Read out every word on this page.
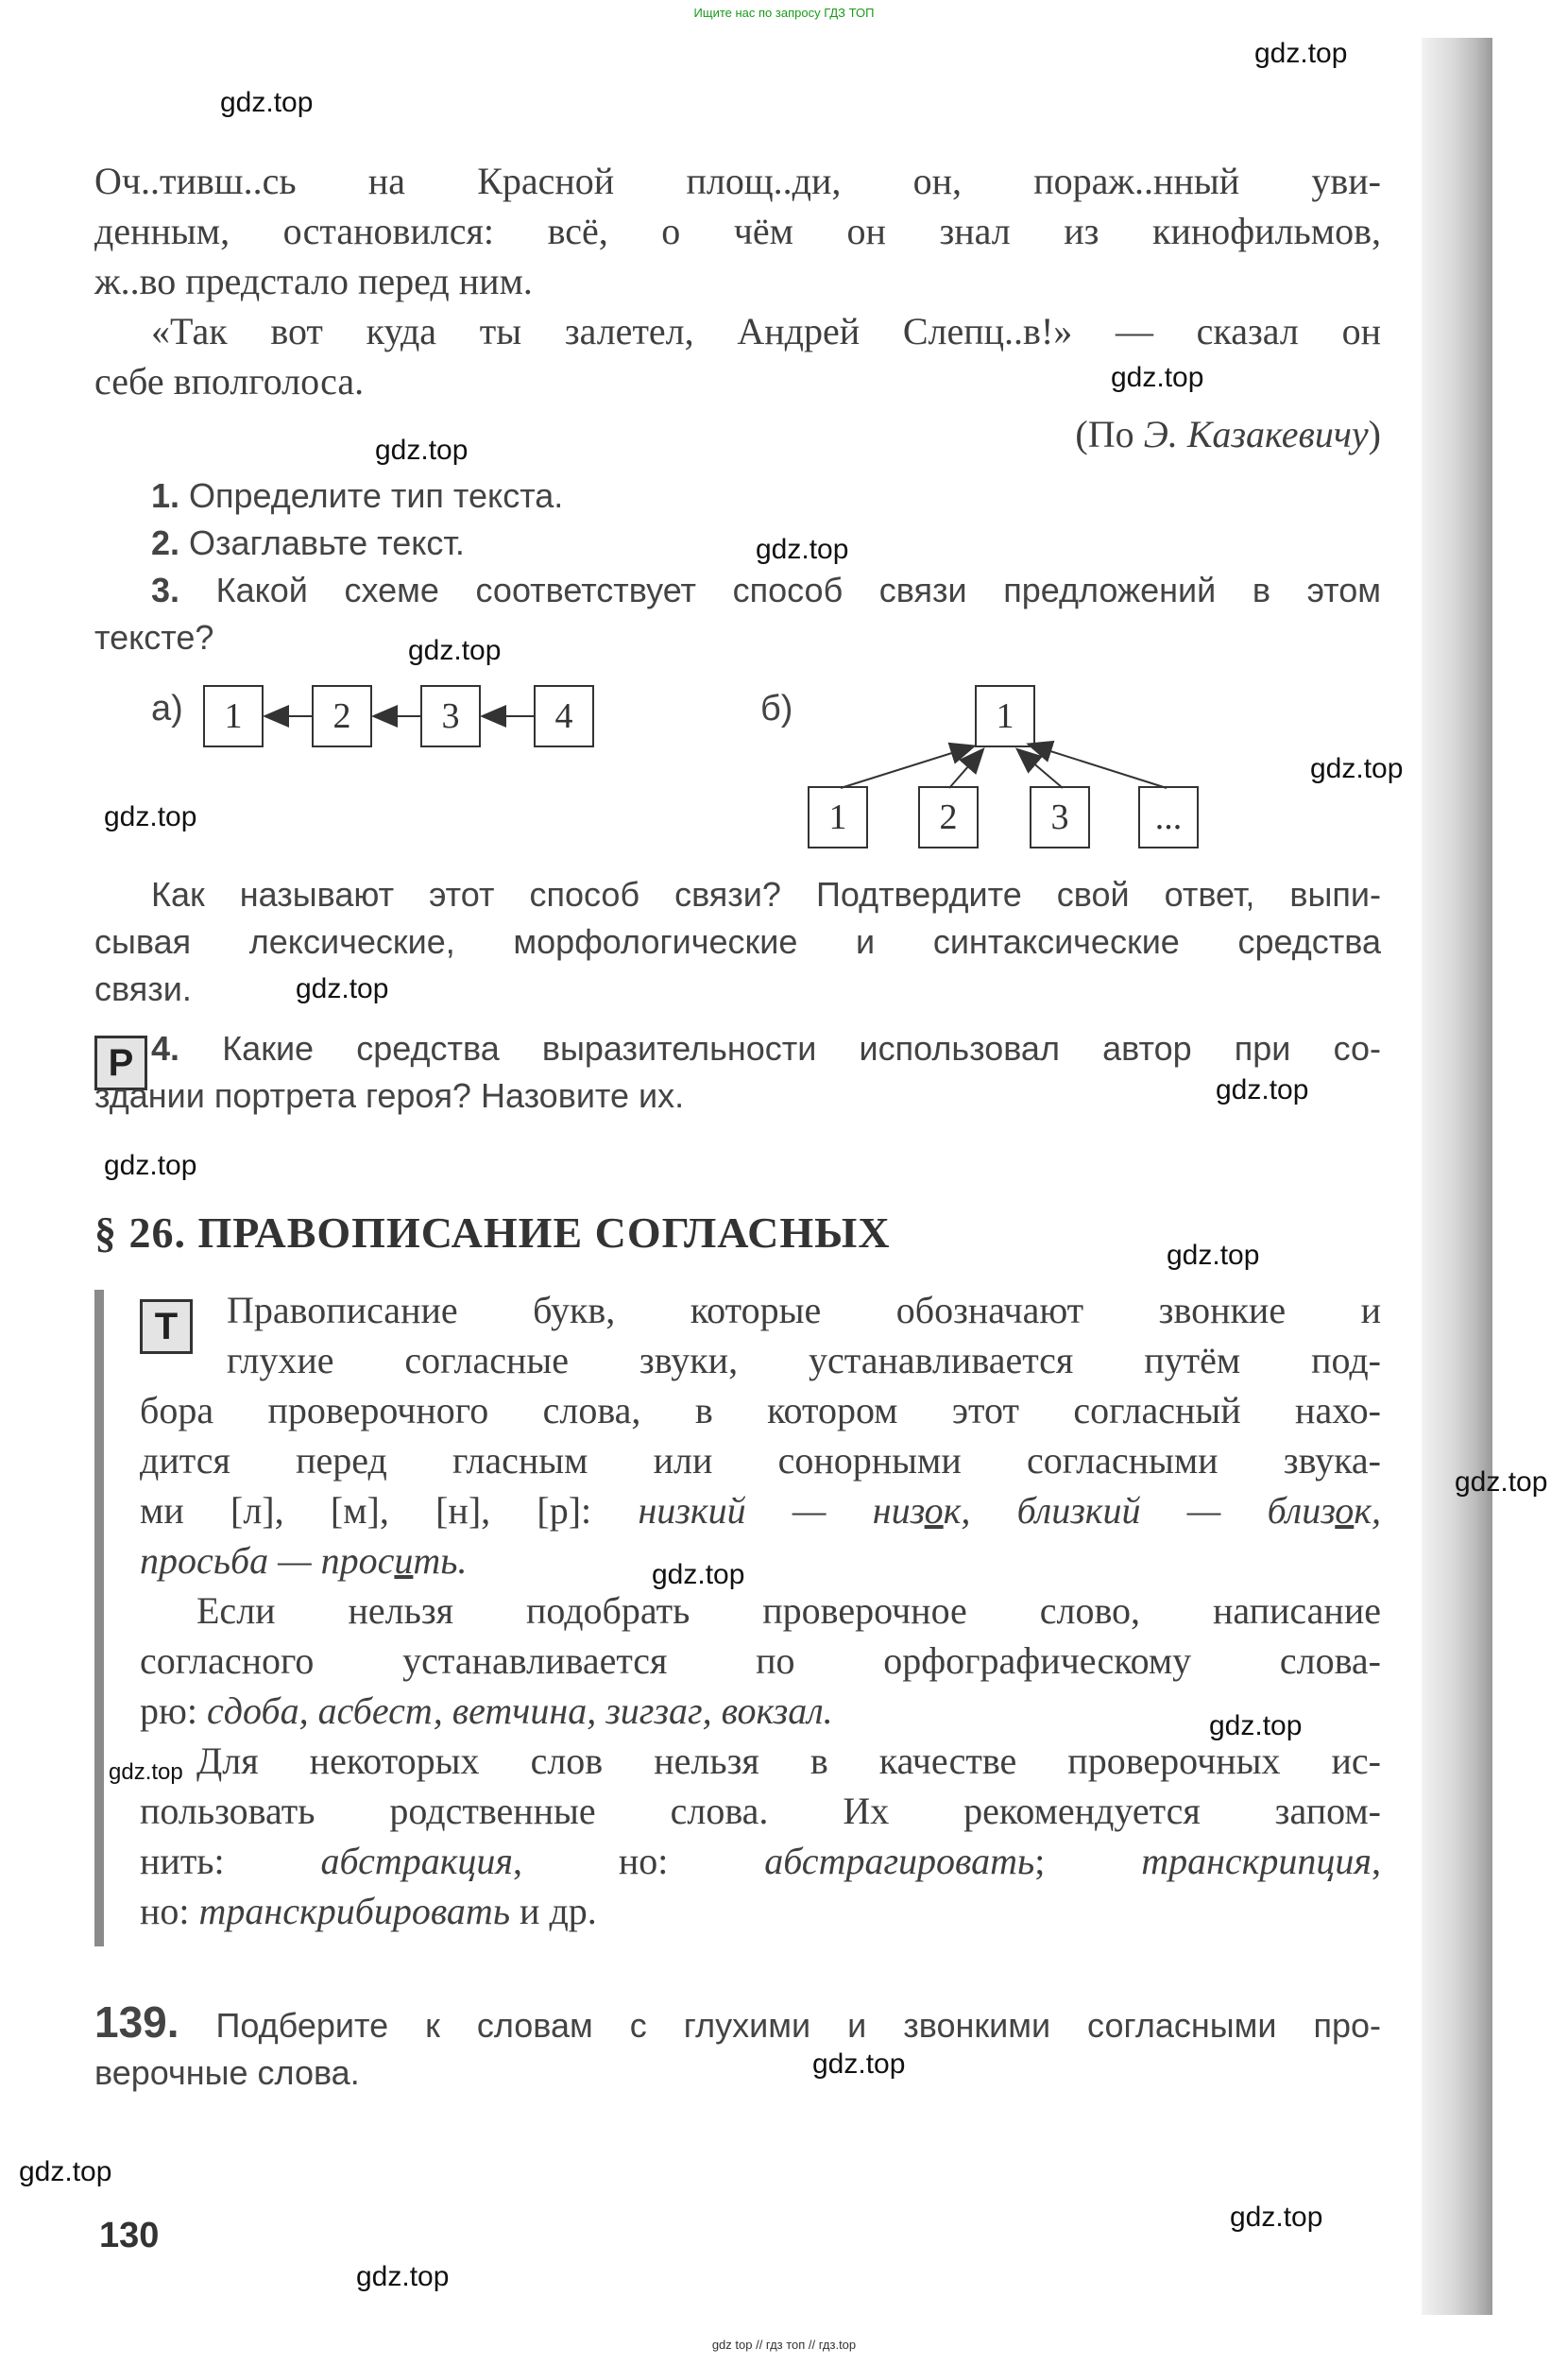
Ищите нас по запросу ГДЗ ТОП
Оч..тивш..сь на Красной площ..ди, он, пораж..нный уви-
денным, остановился: всё, о чём он знал из кинофильмов,
ж..во предстало перед ним.
«Так вот куда ты залетел, Андрей Слепц..в!» — сказал он
себе вполголоса.
(По Э. Казакевичу)
1. Определите тип текста.
2. Озаглавьте текст.
3. Какой схеме соответствует способ связи предложений в этом
тексте?
а)	1	2	3	4	б)	1
1	2	3	...
Как называют этот способ связи? Подтвердите свой ответ, выпи-
сывая лексические, морфологические и синтаксические средства
связи.
Р 4. Какие средства выразительности использовал автор при со-
здании портрета героя? Назовите их.
§ 26. ПРАВОПИСАНИЕ СОГЛАСНЫХ
Т	Правописание букв, которые обозначают звонкие и
глухие согласные звуки, устанавливается путём под-
бора проверочного слова, в котором этот согласный нахо-
дится перед гласным или сонорными согласными звука-
ми [л], [м], [н], [р]: низкий — низок, близкий — близок,
просьба — просить.
Если нельзя подобрать проверочное слово, написание
согласного устанавливается по орфографическому слова-
рю: сдоба, асбест, ветчина, зигзаг, вокзал.
Для некоторых слов нельзя в качестве проверочных ис-
пользовать родственные слова. Их рекомендуется запом-
нить: абстракция, но: абстрагировать; транскрипция,
но: транскрибировать и др.
139. Подберите к словам с глухими и звонкими согласными про-
верочные слова.
130
gdz.top
gdz.top
gdz.top
gdz.top
gdz.top
gdz.top
gdz.top
gdz.top
gdz.top
gdz.top
gdz.top
gdz.top
gdz.top
gdz.top
gdz.top
gdz.top
gdz.top
gdz.top
gdz.top
gdz.top
gdz top // гдз топ // гдз.top
